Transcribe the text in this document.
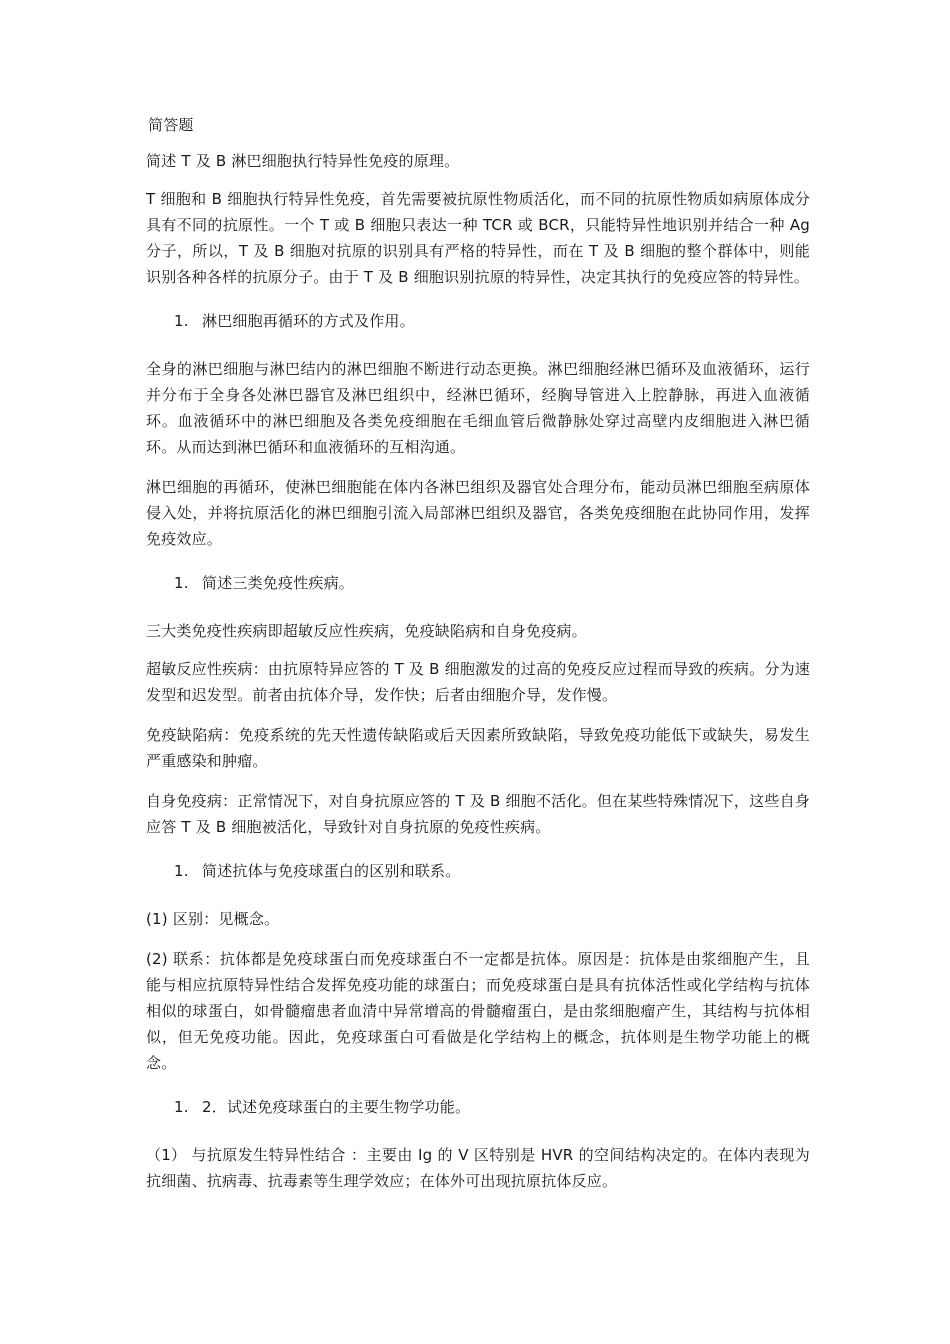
简答题

简述 T 及 B 淋巴细胞执行特异性免疫的原理。

T 细胞和 B 细胞执行特异性免疫，首先需要被抗原性物质活化，而不同的抗原性物质如病原体成分具有不同的抗原性。一个 T 或 B 细胞只表达一种 TCR 或 BCR，只能特异性地识别并结合一种 Ag 分子，所以，T 及 B 细胞对抗原的识别具有严格的特异性，而在 T 及 B 细胞的整个群体中，则能识别各种各样的抗原分子。由于 T 及 B 细胞识别抗原的特异性，决定其执行的免疫应答的特异性。

1. 淋巴细胞再循环的方式及作用。

全身的淋巴细胞与淋巴结内的淋巴细胞不断进行动态更换。淋巴细胞经淋巴循环及血液循环，运行并分布于全身各处淋巴器官及淋巴组织中，经淋巴循环，经胸导管进入上腔静脉，再进入血液循环。血液循环中的淋巴细胞及各类免疫细胞在毛细血管后微静脉处穿过高壁内皮细胞进入淋巴循环。从而达到淋巴循环和血液循环的互相沟通。

淋巴细胞的再循环，使淋巴细胞能在体内各淋巴组织及器官处合理分布，能动员淋巴细胞至病原体侵入处，并将抗原活化的淋巴细胞引流入局部淋巴组织及器官，各类免疫细胞在此协同作用，发挥免疫效应。

1. 简述三类免疫性疾病。

三大类免疫性疾病即超敏反应性疾病，免疫缺陷病和自身免疫病。

超敏反应性疾病：由抗原特异应答的 T 及 B 细胞激发的过高的免疫反应过程而导致的疾病。分为速发型和迟发型。前者由抗体介导，发作快；后者由细胞介导，发作慢。

免疫缺陷病：免疫系统的先天性遗传缺陷或后天因素所致缺陷，导致免疫功能低下或缺失，易发生严重感染和肿瘤。

自身免疫病：正常情况下，对自身抗原应答的 T 及 B 细胞不活化。但在某些特殊情况下，这些自身应答 T 及 B 细胞被活化，导致针对自身抗原的免疫性疾病。

1. 简述抗体与免疫球蛋白的区别和联系。

(1) 区别：见概念。

(2) 联系：抗体都是免疫球蛋白而免疫球蛋白不一定都是抗体。原因是：抗体是由浆细胞产生，且能与相应抗原特异性结合发挥免疫功能的球蛋白；而免疫球蛋白是具有抗体活性或化学结构与抗体相似的球蛋白，如骨髓瘤患者血清中异常增高的骨髓瘤蛋白，是由浆细胞瘤产生，其结构与抗体相似，但无免疫功能。因此，免疫球蛋白可看做是化学结构上的概念，抗体则是生物学功能上的概念。

1. 2．试述免疫球蛋白的主要生物学功能。

（1） 与抗原发生特异性结合 ：主要由 Ig 的 V 区特别是 HVR 的空间结构决定的。在体内表现为抗细菌、抗病毒、抗毒素等生理学效应；在体外可出现抗原抗体反应。
